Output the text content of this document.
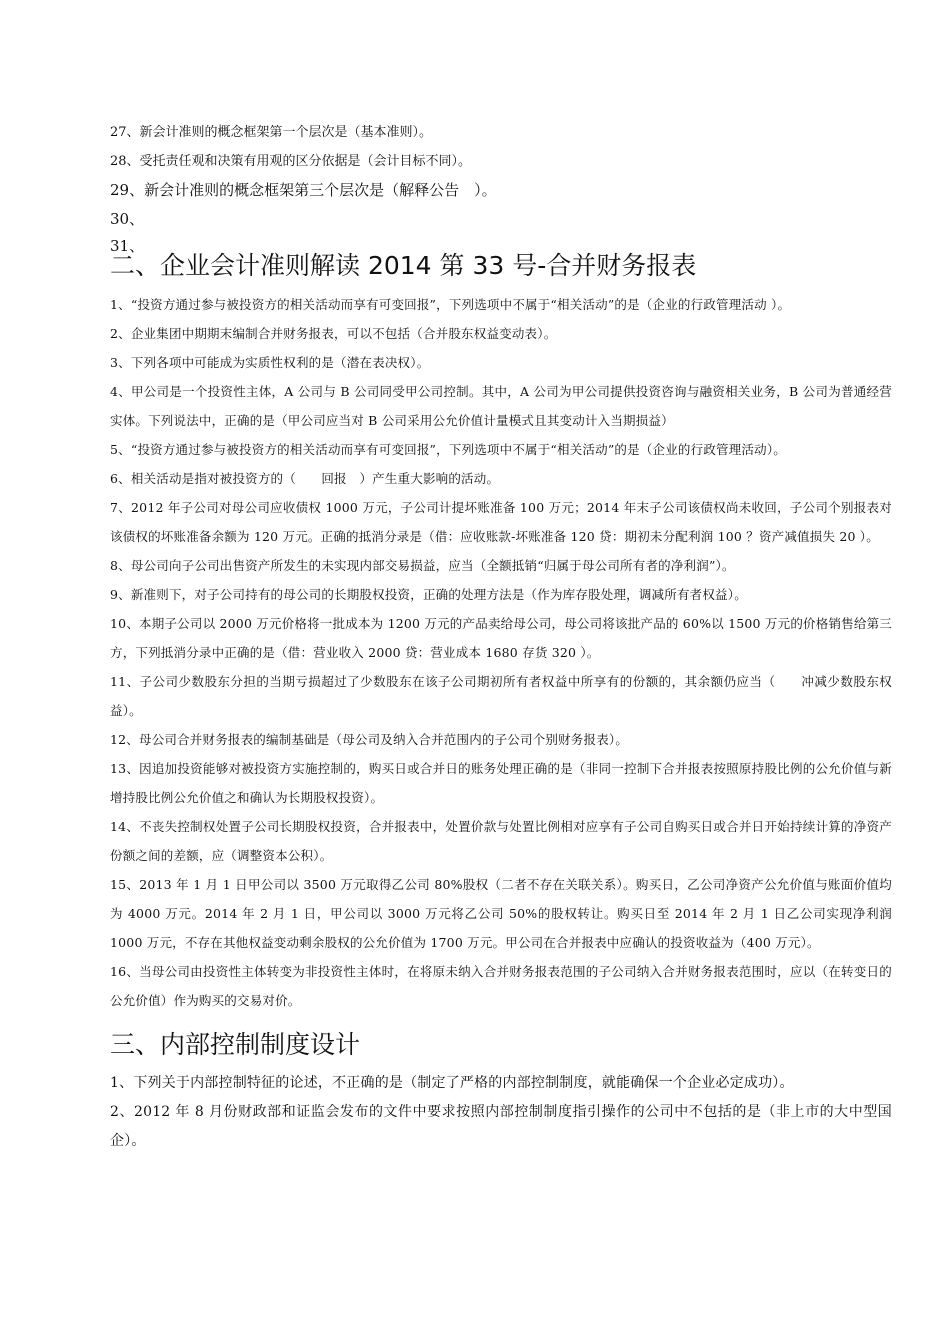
27、新会计准则的概念框架第一个层次是（基本准则）。

28、受托责任观和决策有用观的区分依据是（会计目标不同）。

29、新会计准则的概念框架第三个层次是（解释公告　）。

30、

31、

二、企业会计准则解读 2014 第 33 号-合并财务报表

1、“投资方通过参与被投资方的相关活动而享有可变回报”，下列选项中不属于“相关活动”的是（企业的行政管理活动 ）。

2、企业集团中期期末编制合并财务报表，可以不包括（合并股东权益变动表）。

3、下列各项中可能成为实质性权利的是（潜在表决权）。

4、甲公司是一个投资性主体，A 公司与 B 公司同受甲公司控制。其中，A 公司为甲公司提供投资咨询与融资相关业务，B 公司为普通经营实体。下列说法中，正确的是（甲公司应当对 B 公司采用公允价值计量模式且其变动计入当期损益）

5、“投资方通过参与被投资方的相关活动而享有可变回报”，下列选项中不属于“相关活动”的是（企业的行政管理活动）。

6、相关活动是指对被投资方的（　　回报　）产生重大影响的活动。

7、2012 年子公司对母公司应收债权 1000 万元，子公司计提坏账准备 100 万元；2014 年末子公司该债权尚未收回，子公司个别报表对该债权的坏账准备余额为 120 万元。正确的抵消分录是（借：应收账款-坏账准备 120 贷：期初未分配利润 100 ？资产减值损失 20 ）。

8、母公司向子公司出售资产所发生的未实现内部交易损益，应当（全额抵销“归属于母公司所有者的净利润”）。

9、新准则下，对子公司持有的母公司的长期股权投资，正确的处理方法是（作为库存股处理，调减所有者权益）。

10、本期子公司以 2000 万元价格将一批成本为 1200 万元的产品卖给母公司，母公司将该批产品的 60%以 1500 万元的价格销售给第三方，下列抵消分录中正确的是（借：营业收入 2000 贷：营业成本 1680 存货 320 ）。

11、子公司少数股东分担的当期亏损超过了少数股东在该子公司期初所有者权益中所享有的份额的，其余额仍应当（　　冲减少数股东权益）。

12、母公司合并财务报表的编制基础是（母公司及纳入合并范围内的子公司个别财务报表）。

13、因追加投资能够对被投资方实施控制的，购买日或合并日的账务处理正确的是（非同一控制下合并报表按照原持股比例的公允价值与新增持股比例公允价值之和确认为长期股权投资）。

14、不丧失控制权处置子公司长期股权投资，合并报表中，处置价款与处置比例相对应享有子公司自购买日或合并日开始持续计算的净资产份额之间的差额，应（调整资本公积）。

15、2013 年 1 月 1 日甲公司以 3500 万元取得乙公司 80%股权（二者不存在关联关系）。购买日，乙公司净资产公允价值与账面价值均为 4000 万元。2014 年 2 月 1 日，甲公司以 3000 万元将乙公司 50%的股权转让。购买日至 2014 年 2 月 1 日乙公司实现净利润 1000 万元，不存在其他权益变动剩余股权的公允价值为 1700 万元。甲公司在合并报表中应确认的投资收益为（400 万元）。

16、当母公司由投资性主体转变为非投资性主体时，在将原未纳入合并财务报表范围的子公司纳入合并财务报表范围时，应以（在转变日的公允价值）作为购买的交易对价。

三、内部控制制度设计

1、下列关于内部控制特征的论述，不正确的是（制定了严格的内部控制制度，就能确保一个企业必定成功）。

2、2012 年 8 月份财政部和证监会发布的文件中要求按照内部控制制度指引操作的公司中不包括的是（非上市的大中型国企）。
